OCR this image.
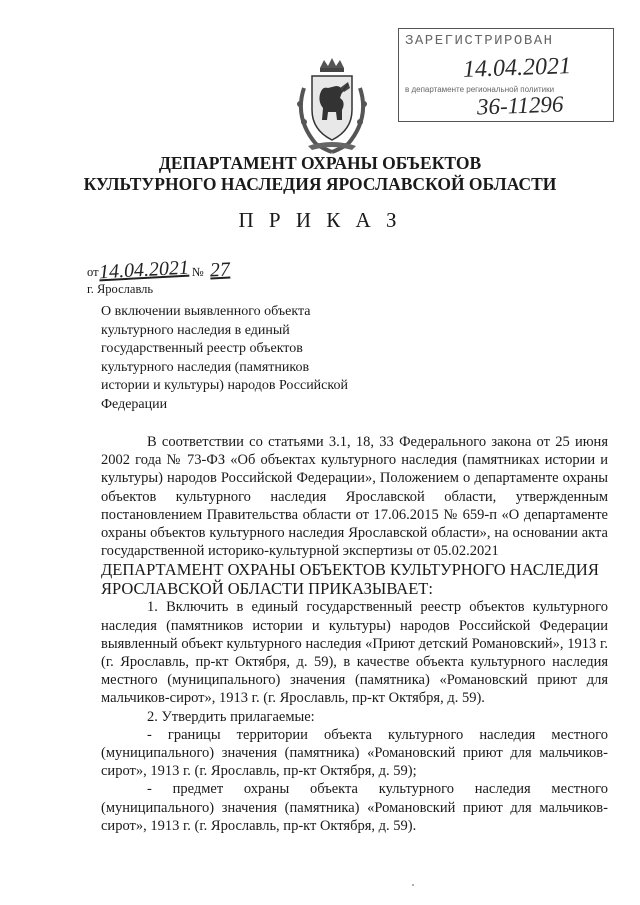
ЗАРЕГИСТРИРОВАН
14.04.2021
в департаменте региональной политики
36-11296
ДЕПАРТАМЕНТ ОХРАНЫ ОБЪЕКТОВ
КУЛЬТУРНОГО НАСЛЕДИЯ ЯРОСЛАВСКОЙ ОБЛАСТИ
П Р И К А З
от14.04.2021 № 27
г. Ярославль

О включении выявленного объекта культурного наследия в единый государственный реестр объектов культурного наследия (памятников истории и культуры) народов Российской Федерации

В соответствии со статьями 3.1, 18, 33 Федерального закона от 25 июня 2002 года № 73-ФЗ «Об объектах культурного наследия (памятниках истории и культуры) народов Российской Федерации», Положением о департаменте охраны объектов культурного наследия Ярославской области, утвержденным постановлением Правительства области от 17.06.2015 № 659-п «О департаменте охраны объектов культурного наследия Ярославской области», на основании акта государственной историко-культурной экспертизы от 05.02.2021

ДЕПАРТАМЕНТ ОХРАНЫ ОБЪЕКТОВ КУЛЬТУРНОГО НАСЛЕДИЯ ЯРОСЛАВСКОЙ ОБЛАСТИ ПРИКАЗЫВАЕТ:

1. Включить в единый государственный реестр объектов культурного наследия (памятников истории и культуры) народов Российской Федерации выявленный объект культурного наследия «Приют детский Романовский», 1913 г. (г. Ярославль, пр-кт Октября, д. 59), в качестве объекта культурного наследия местного (муниципального) значения (памятника) «Романовский приют для мальчиков-сирот», 1913 г. (г. Ярославль, пр-кт Октября, д. 59).

2. Утвердить прилагаемые:

- границы территории объекта культурного наследия местного (муниципального) значения (памятника) «Романовский приют для мальчиков-сирот», 1913 г. (г. Ярославль, пр-кт Октября, д. 59);

- предмет охраны объекта культурного наследия местного (муниципального) значения (памятника) «Романовский приют для мальчиков-сирот», 1913 г. (г. Ярославль, пр-кт Октября, д. 59).
